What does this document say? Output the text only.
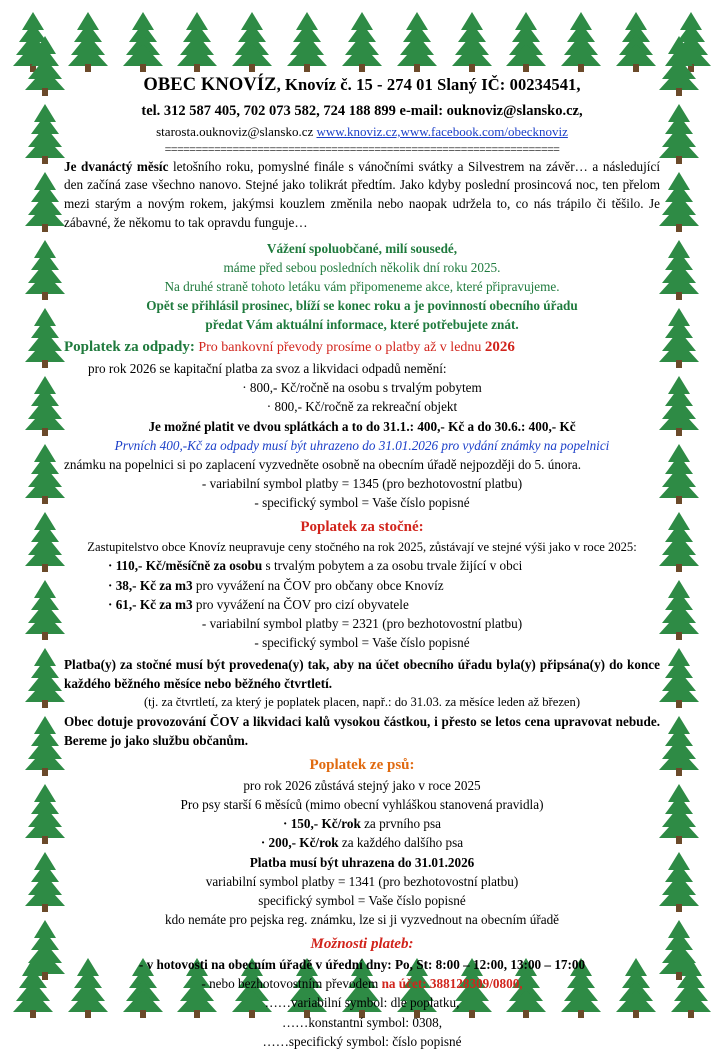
OBEC KNOVÍZ, Knovíz č. 15 - 274 01 Slaný IČ: 00234541,
tel. 312 587 405, 702 073 582, 724 188 899 e-mail: ouknoviz@slansko.cz,
starosta.ouknoviz@slansko.cz www.knoviz.cz,www.facebook.com/obecknoviz
================================================================
Je dvanáctý měsíc letošního roku, pomyslné finále s vánočními svátky a Silvestrem na závěr… a následující den začíná zase všechno nanovo. Stejné jako tolikrát předtím. Jako kdyby poslední prosincová noc, ten přelom mezi starým a novým rokem, jakýmsi kouzlem změnila nebo naopak udržela to, co nás trápilo či těšilo. Je zábavné, že někomu to tak opravdu funguje…
Vážení spoluobčané, milí sousedé,
máme před sebou posledních několik dní roku 2025.
Na druhé straně tohoto letáku vám připomeneme akce, které připravujeme.
Opět se přihlásil prosinec, blíží se konec roku a je povinností obecního úřadu
předat Vám aktuální informace, které potřebujete znát.
Poplatek za odpady: Pro bankovní převody prosíme o platby až v lednu 2026
pro rok 2026 se kapitační platba za svoz a likvidaci odpadů nemění:
· 800,- Kč/ročně na osobu s trvalým pobytem
· 800,- Kč/ročně za rekreační objekt
Je možné platit ve dvou splátkách a to do 31.1.: 400,- Kč a do 30.6.: 400,- Kč
Prvních 400,-Kč za odpady musí být uhrazeno do 31.01.2026 pro vydání známky na popelnici
známku na popelnici si po zaplacení vyzvedněte osobně na obecním úřadě nejpozději do 5. února.
- variabilní symbol platby = 1345 (pro bezhotovostní platbu)
- specifický symbol = Vaše číslo popisné
Poplatek za stočné:
Zastupitelstvo obce Knovíz neupravuje ceny stočného na rok 2025, zůstávají ve stejné výši jako v roce 2025:
· 110,- Kč/měsíčně za osobu s trvalým pobytem a za osobu trvale žijící v obci
· 38,- Kč za m3 pro vyvážení na ČOV pro občany obce Knovíz
· 61,- Kč za m3 pro vyvážení na ČOV pro cizí obyvatele
- variabilní symbol platby = 2321 (pro bezhotovostní platbu)
- specifický symbol = Vaše číslo popisné
Platba(y) za stočné musí být provedena(y) tak, aby na účet obecního úřadu byla(y) připsána(y) do konce každého běžného měsíce nebo běžného čtvrtletí.
(tj. za čtvrtletí, za který je poplatek placen, např.: do 31.03. za měsíce leden až březen)
Obec dotuje provozování ČOV a likvidaci kalů vysokou částkou, i přesto se letos cena upravovat nebude. Bereme jo jako službu občanům.
Poplatek ze psů:
pro rok 2026 zůstává stejný jako v roce 2025
Pro psy starší 6 měsíců (mimo obecní vyhláškou stanovená pravidla)
· 150,- Kč/rok za prvního psa
· 200,- Kč/rok za každého dalšího psa
Platba musí být uhrazena do 31.01.2026
variabilní symbol platby = 1341 (pro bezhotovostní platbu)
specifický symbol = Vaše číslo popisné
kdo nemáte pro pejska reg. známku, lze si ji vyzvednout na obecním úřadě
Možnosti plateb:
- v hotovosti na obecním úřadě v úřední dny: Po, St: 8:00 – 12:00, 13:00 – 17:00
- nebo bezhotovostním převodem na účet: 388128309/0800,
……variabilní symbol: dle poplatku,
……konstantní symbol: 0308,
……specifický symbol: číslo popisné
